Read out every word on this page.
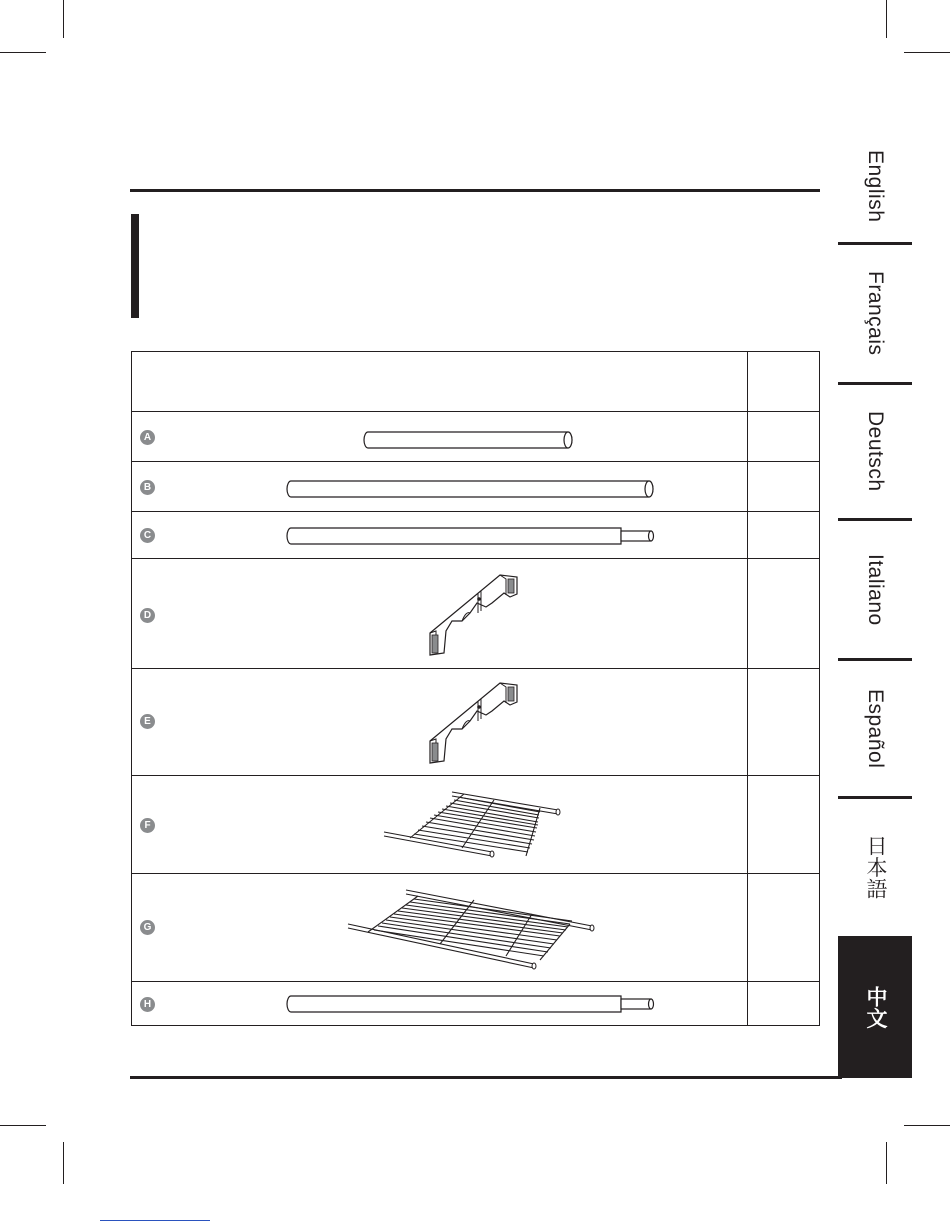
A
B
C
D
E
F
G
H
English
Français
Deutsch
Italiano
Español
日本語
中文
